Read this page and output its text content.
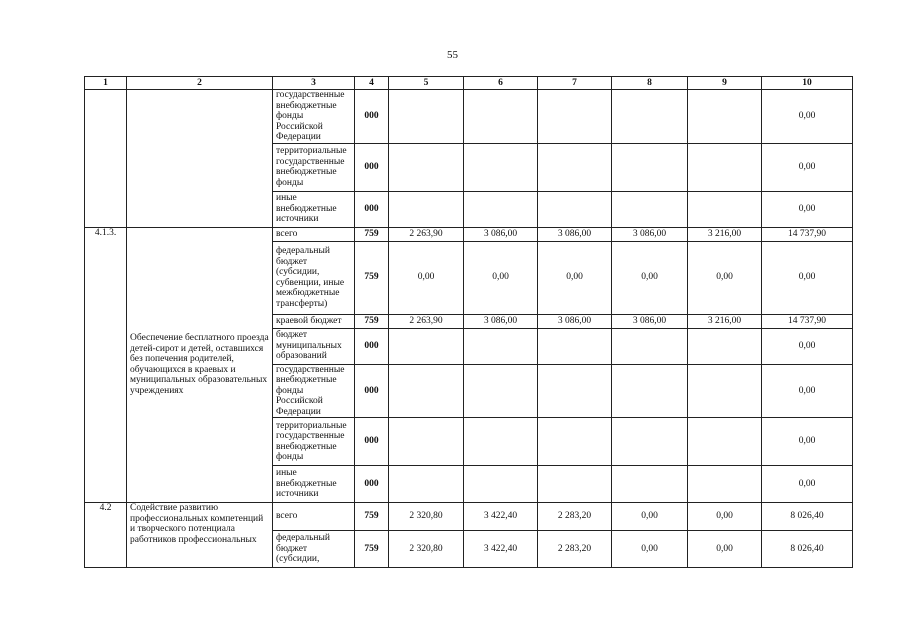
55
1	2	3	4	5	6	7	8	9	10
		государственные внебюджетные фонды Российской Федерации	000						0,00
		территориальные государственные внебюджетные фонды	000						0,00
		иные внебюджетные источники	000						0,00
4.1.3.	Обеспечение бесплатного проезда детей-сирот и детей, оставшихся без попечения родителей, обучающихся в краевых и муниципальных образовательных учреждениях	всего	759	2 263,90	3 086,00	3 086,00	3 086,00	3 216,00	14 737,90
		федеральный бюджет (субсидии, субвенции, иные межбюджетные трансферты)	759	0,00	0,00	0,00	0,00	0,00	0,00
		краевой бюджет	759	2 263,90	3 086,00	3 086,00	3 086,00	3 216,00	14 737,90
		бюджет муниципальных образований	000						0,00
		государственные внебюджетные фонды Российской Федерации	000						0,00
		территориальные государственные внебюджетные фонды	000						0,00
		иные внебюджетные источники	000						0,00
4.2	Содействие развитию профессиональных компетенций и творческого потенциала работников профессиональных	всего	759	2 320,80	3 422,40	2 283,20	0,00	0,00	8 026,40
		федеральный бюджет (субсидии,	759	2 320,80	3 422,40	2 283,20	0,00	0,00	8 026,40
